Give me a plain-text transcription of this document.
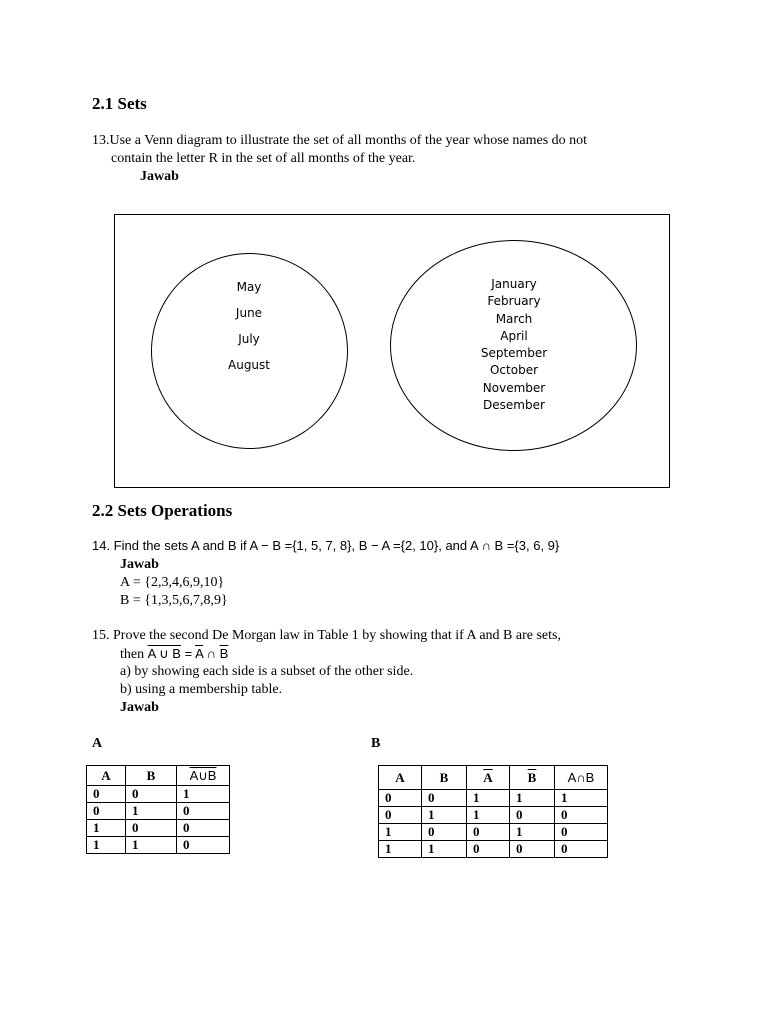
2.1 Sets

13.Use a Venn diagram to illustrate the set of all months of the year whose names do not

contain the letter R in the set of all months of the year.

Jawab

May
June
July
August
January
February
March
April
September
October
November
Desember
2.2 Sets Operations

14. Find the sets A and B if A − B ={1, 5, 7, 8}, B − A ={2, 10}, and A ∩ B ={3, 6, 9}

Jawab

A = {2,3,4,6,9,10}

B = {1,3,5,6,7,8,9}

15. Prove the second De Morgan law in Table 1 by showing that if A and B are sets,

then A ∪ $B = \overline{A}$ ∩ $\overline{B}$

a) by showing each side is a subset of the other side.

b) using a membership table.

Jawab

A	B

A	B	A∪B
0	0	1
0	1	0
1	0	0
1	1	0
A	B	$\overline{A}$	$\overline{B}$	A∩B
0	0	1	1	1
0	1	1	0	0
1	0	0	1	0
1	1	0	0	0
